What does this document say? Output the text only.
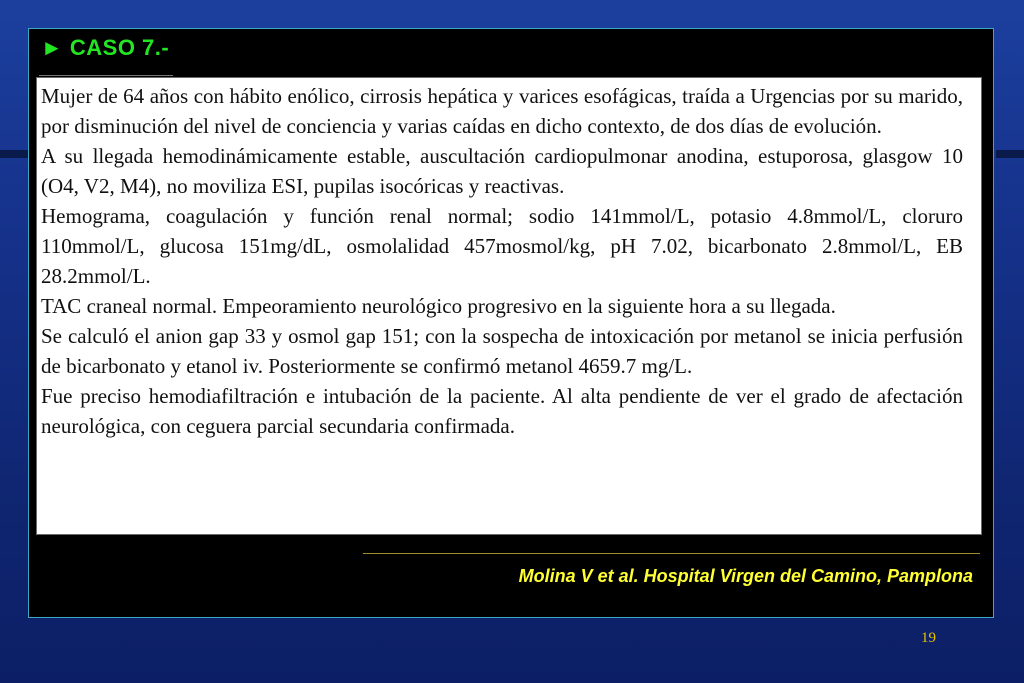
► CASO 7.-

Mujer de 64 años con hábito enólico, cirrosis hepática y varices esofágicas, traída a Urgencias por su marido, por disminución del nivel de conciencia y varias caídas en dicho contexto, de dos días de evolución.

A su llegada hemodinámicamente estable, auscultación cardiopulmonar anodina, estuporosa, glasgow 10 (O4, V2, M4), no moviliza ESI, pupilas isocóricas y reactivas.

Hemograma, coagulación y función renal normal; sodio 141mmol/L, potasio 4.8mmol/L, cloruro 110mmol/L, glucosa 151mg/dL, osmolalidad 457mosmol/kg, pH 7.02, bicarbonato 2.8mmol/L, EB 28.2mmol/L.

TAC craneal normal. Empeoramiento neurológico progresivo en la siguiente hora a su llegada.

Se calculó el anion gap 33 y osmol gap 151; con la sospecha de intoxicación por metanol se inicia perfusión de bicarbonato y etanol iv. Posteriormente se confirmó metanol 4659.7 mg/L.

Fue preciso hemodiafiltración e intubación de la paciente. Al alta pendiente de ver el grado de afectación neurológica, con ceguera parcial secundaria confirmada.

Molina V et al. Hospital Virgen del Camino, Pamplona
19
